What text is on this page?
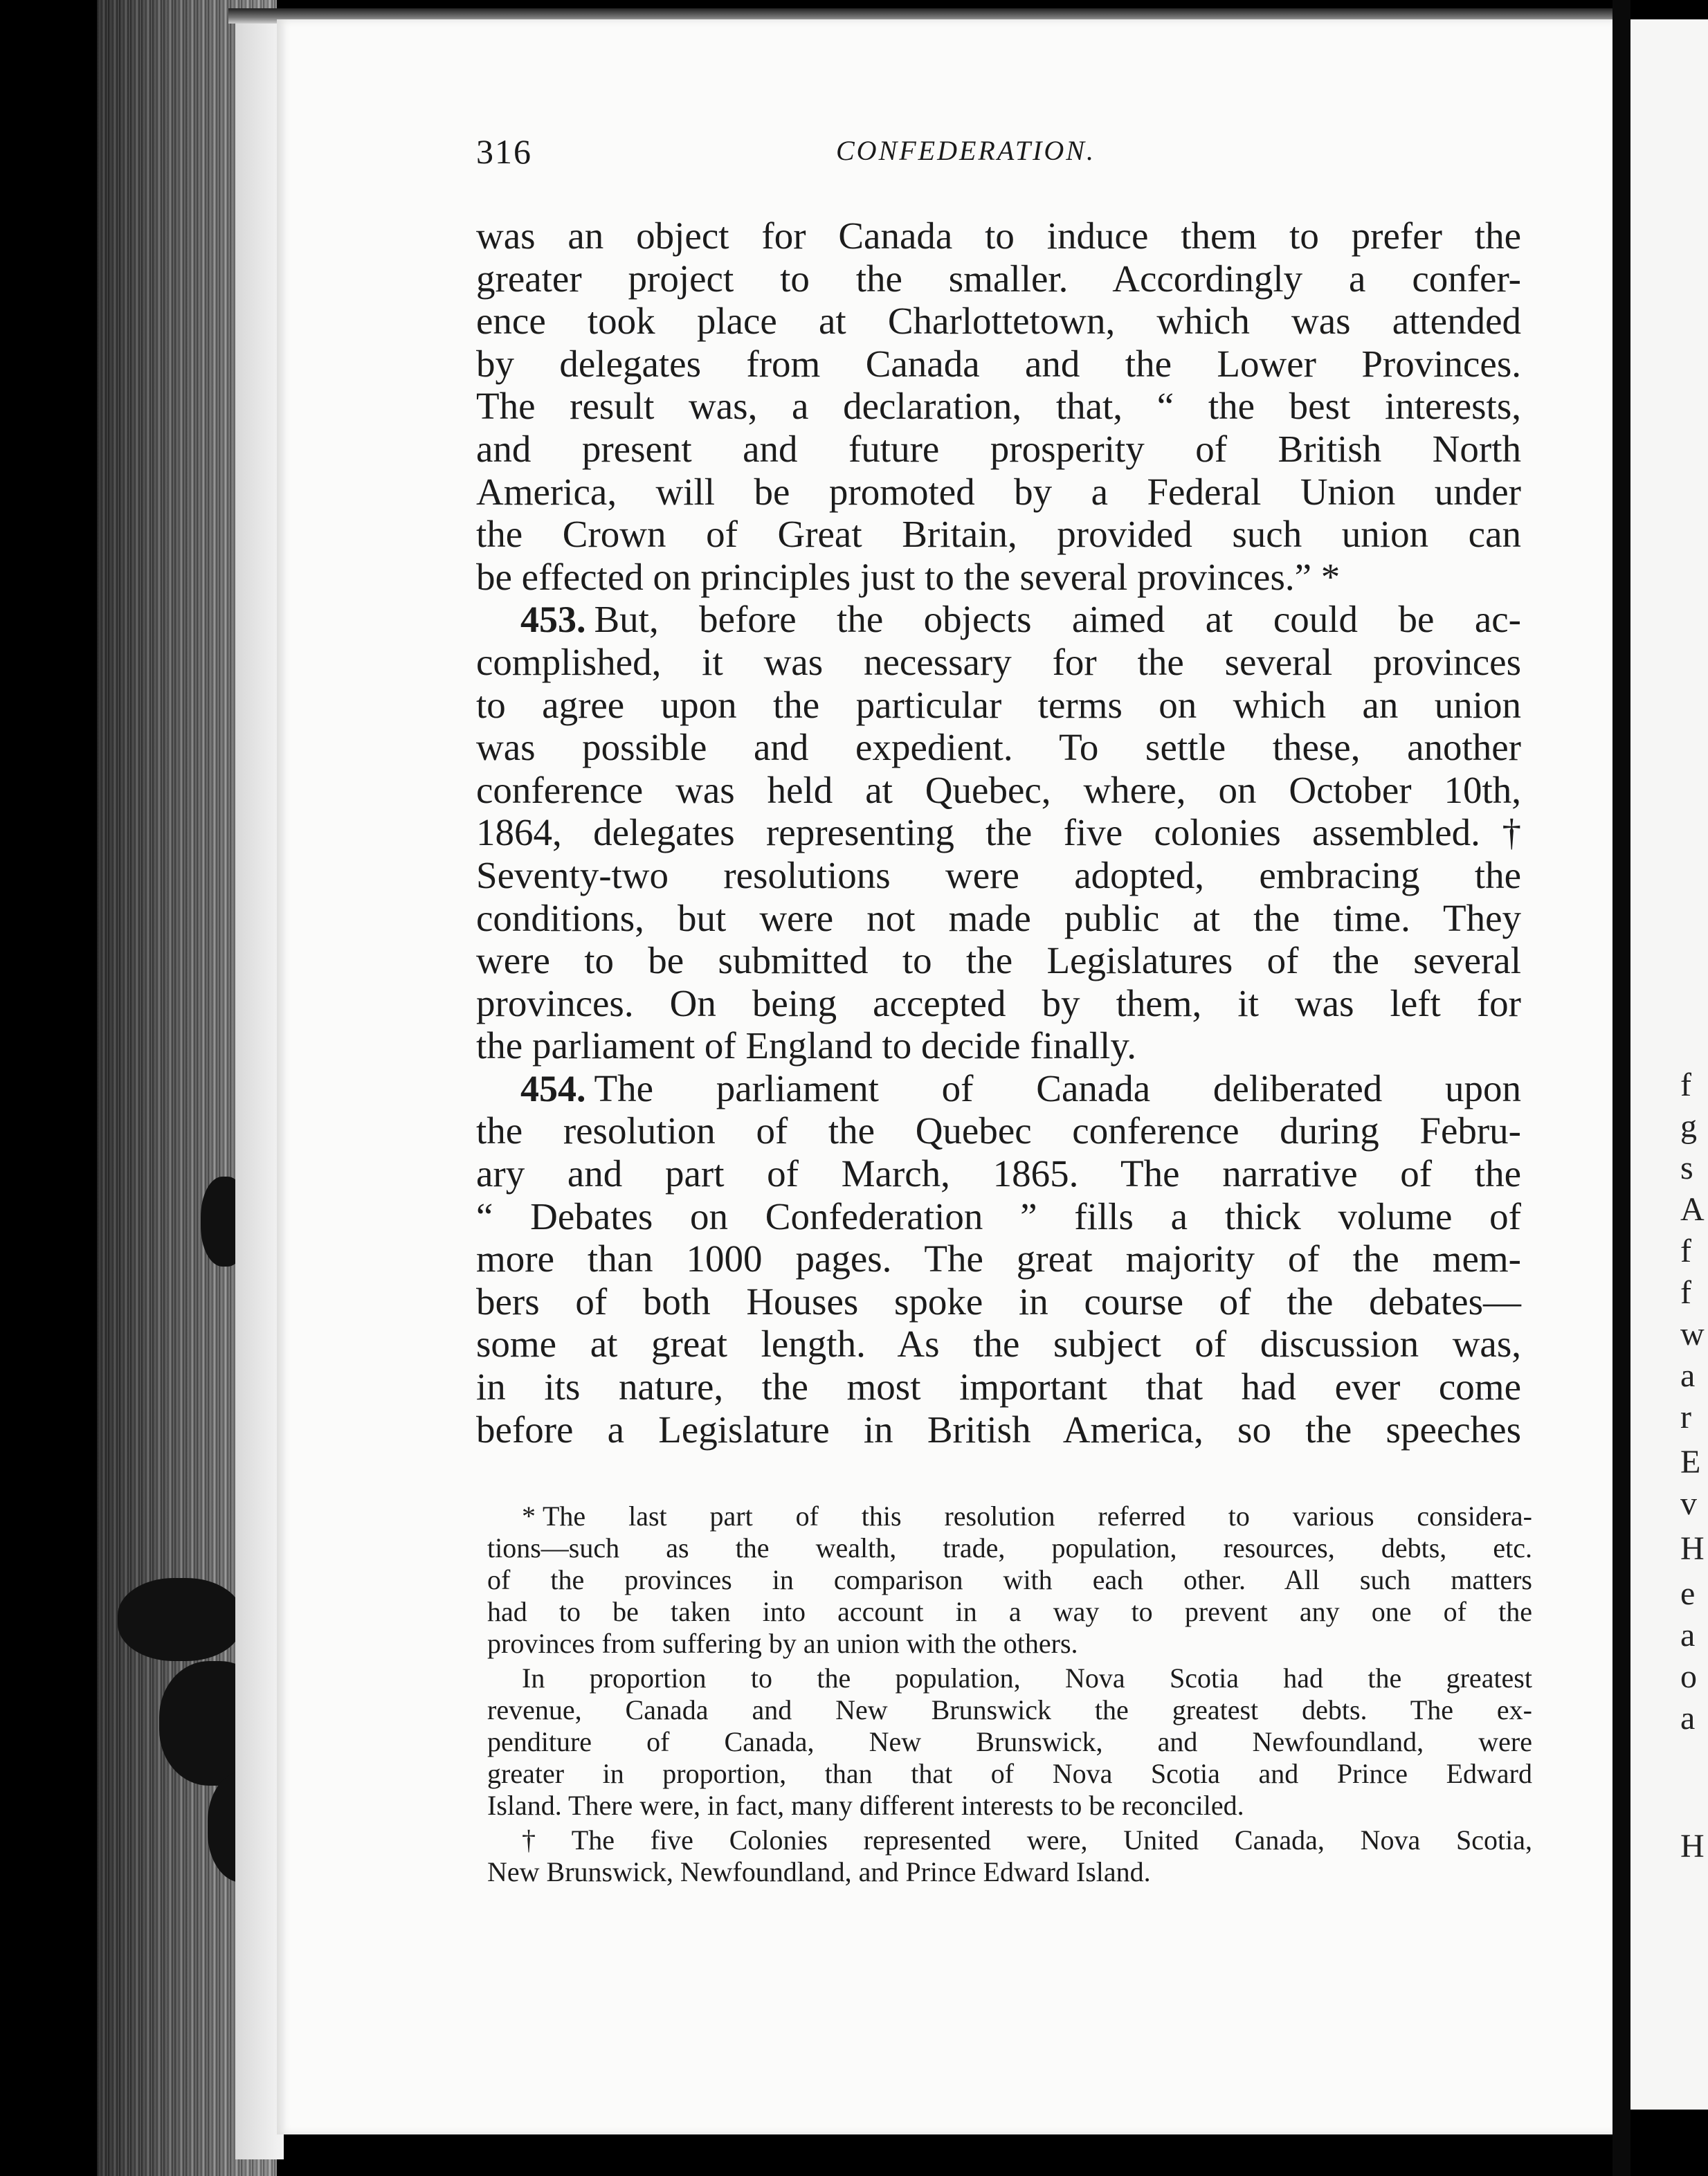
f
g
s
A
f
f
w
a
r
E
v
H
e
a
o
a
H
316	CONFEDERATION.
was an object for Canada to induce them to prefer the
greater project to the smaller. Accordingly a confer-
ence took place at Charlottetown, which was attended
by delegates from Canada and the Lower Provinces.
The result was, a declaration, that, “ the best interests,
and present and future prosperity of British North
America, will be promoted by a Federal Union under
the Crown of Great Britain, provided such union can
be effected on principles just to the several provinces.” *
453. But, before the objects aimed at could be ac-
complished, it was necessary for the several provinces
to agree upon the particular terms on which an union
was possible and expedient. To settle these, another
conference was held at Quebec, where, on October 10th,
1864, delegates representing the five colonies assembled.†
Seventy-two resolutions were adopted, embracing the
conditions, but were not made public at the time. They
were to be submitted to the Legislatures of the several
provinces. On being accepted by them, it was left for
the parliament of England to decide finally.
454. The parliament of Canada deliberated upon
the resolution of the Quebec conference during Febru-
ary and part of March, 1865. The narrative of the
“ Debates on Confederation ” fills a thick volume of
more than 1000 pages. The great majority of the mem-
bers of both Houses spoke in course of the debates—
some at great length. As the subject of discussion was,
in its nature, the most important that had ever come
before a Legislature in British America, so the speeches
* The last part of this resolution referred to various considera-
tions—such as the wealth, trade, population, resources, debts, etc.
of the provinces in comparison with each other. All such matters
had to be taken into account in a way to prevent any one of the
provinces from suffering by an union with the others.
In proportion to the population, Nova Scotia had the greatest
revenue, Canada and New Brunswick the greatest debts. The ex-
penditure of Canada, New Brunswick, and Newfoundland, were
greater in proportion, than that of Nova Scotia and Prince Edward
Island. There were, in fact, many different interests to be reconciled.
† The five Colonies represented were, United Canada, Nova Scotia,
New Brunswick, Newfoundland, and Prince Edward Island.
